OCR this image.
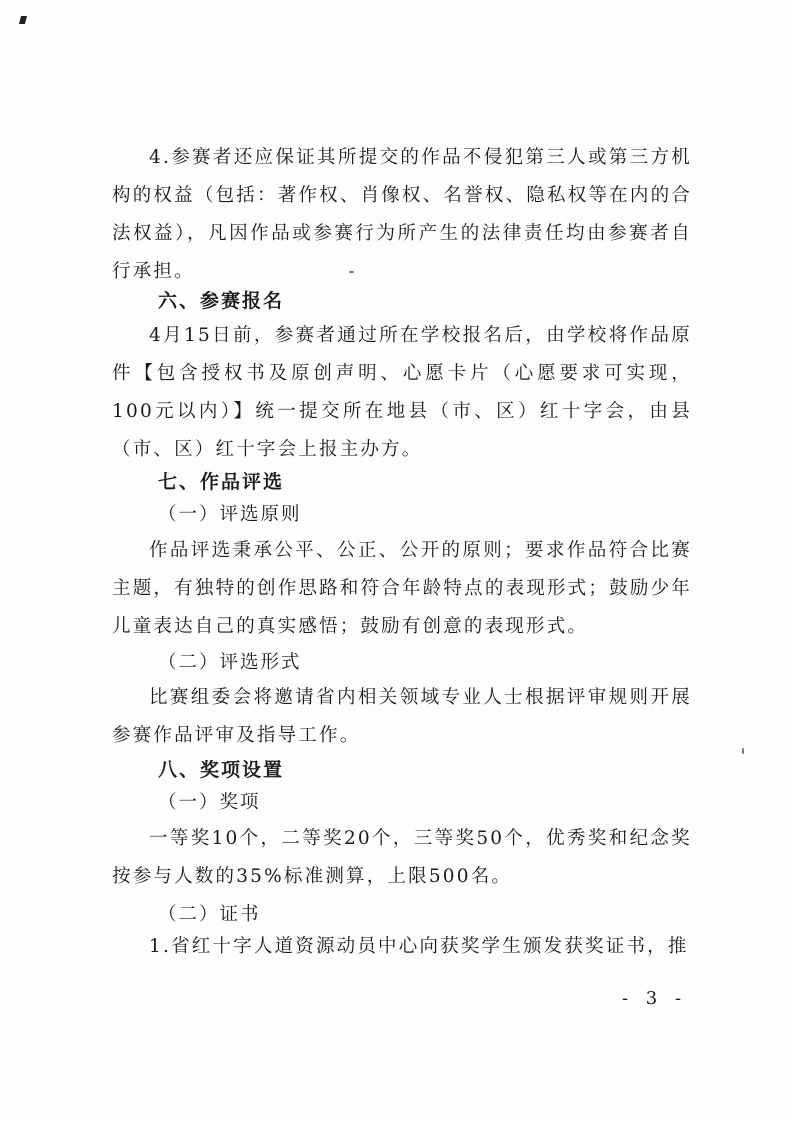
4.参赛者还应保证其所提交的作品不侵犯第三人或第三方机构的权益（包括：著作权、肖像权、名誉权、隐私权等在内的合法权益），凡因作品或参赛行为所产生的法律责任均由参赛者自行承担。

六、参赛报名

4月15日前，参赛者通过所在学校报名后，由学校将作品原件【包含授权书及原创声明、心愿卡片（心愿要求可实现，100元以内）】统一提交所在地县（市、区）红十字会，由县（市、区）红十字会上报主办方。

七、作品评选
（一）评选原则

作品评选秉承公平、公正、公开的原则；要求作品符合比赛主题，有独特的创作思路和符合年龄特点的表现形式；鼓励少年儿童表达自己的真实感悟；鼓励有创意的表现形式。

（二）评选形式

比赛组委会将邀请省内相关领域专业人士根据评审规则开展参赛作品评审及指导工作。

八、奖项设置
（一）奖项

一等奖10个，二等奖20个，三等奖50个，优秀奖和纪念奖按参与人数的35%标准测算，上限500名。

（二）证书
1.省红十字人道资源动员中心向获奖学生颁发获奖证书，推
- 3 -
